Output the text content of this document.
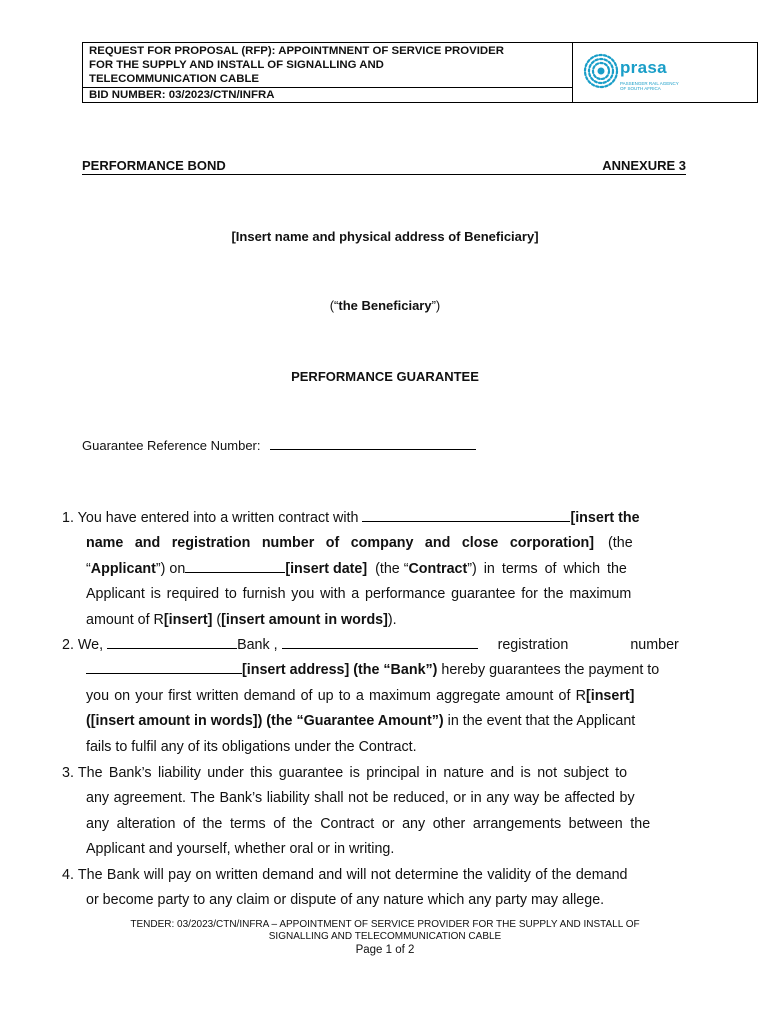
REQUEST FOR PROPOSAL (RFP): APPOINTMNENT OF SERVICE PROVIDER
FOR THE SUPPLY AND INSTALL OF SIGNALLING AND
TELECOMMUNICATION CABLE
BID NUMBER: 03/2023/CTN/INFRA
prasa
PASSENGER RAIL AGENCY OF SOUTH AFRICA
PERFORMANCE BOND	ANNEXURE 3
[Insert name and physical address of Beneficiary]
(“the Beneficiary”)
PERFORMANCE GUARANTEE
Guarantee Reference Number:
1. You have entered into a written contract with	[insert the
name and registration number of company and close corporation] (the
“Applicant”) on	[insert date] (the “Contract”) in terms of which the
Applicant is required to furnish you with a performance guarantee for the maximum
amount of R[insert] ([insert amount in words]).
2. We,	Bank ,	registration	number
[insert address] (the “Bank”) hereby guarantees the payment to
you on your first written demand of up to a maximum aggregate amount of R[insert]
([insert amount in words]) (the “Guarantee Amount”) in the event that the Applicant
fails to fulfil any of its obligations under the Contract.
3. The Bank’s liability under this guarantee is principal in nature and is not subject to
any agreement. The Bank’s liability shall not be reduced, or in any way be affected by
any alteration of the terms of the Contract or any other arrangements between the
Applicant and yourself, whether oral or in writing.
4. The Bank will pay on written demand and will not determine the validity of the demand
or become party to any claim or dispute of any nature which any party may allege.
TENDER: 03/2023/CTN/INFRA – APPOINTMENT OF SERVICE PROVIDER FOR THE SUPPLY AND INSTALL OF
SIGNALLING AND TELECOMMUNICATION CABLE
Page 1 of 2
